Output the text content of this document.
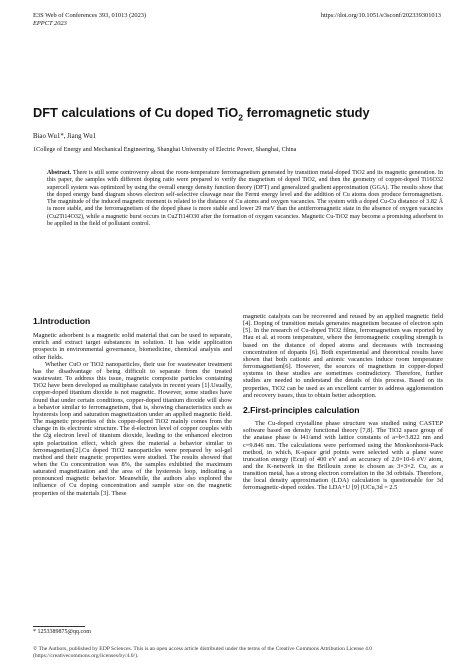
E3S Web of Conferences 393, 01013 (2023)
EPPCT 2023
https://doi.org/10.1051/e3sconf/202339301013
DFT calculations of Cu doped TiO$_2$ ferromagnetic study
Biao Wu1*, Jiang Wu1
1College of Energy and Mechanical Engineering, Shanghai University of Electric Power, Shanghai, China
Abstract. There is still some controversy about the room-temperature ferromagnetism generated by transition metal-doped TiO2 and its magnetic generation. In this paper, the samples with different doping ratio were prepared to verify the magnetism of doped TiO2, and then the geometry of copper-doped Ti16O32 supercell system was optimized by using the overall energy density function theory (DFT) and generalized gradient approximation (GGA). The results show that the doped energy band diagram shows electron self-selective cleavage near the Fermi energy level and the addition of Cu atoms does produce ferromagnetism. The magnitude of the induced magnetic moment is related to the distance of Cu atoms and oxygen vacancies. The system with a doped Cu-Cu distance of 3.82 Å is more stable, and the ferromagnetism of the doped phase is more stable and lower 29 meV than the antiferromagnetic state in the absence of oxygen vacancies (Cu2Ti14O32), while a magnetic burst occurs in Cu2Ti14O30 after the formation of oxygen vacancies. Magnetic Cu-TiO2 may become a promising adsorbent to be applied in the field of pollutant control.
1.Introduction

Magnetic adsorbent is a magnetic solid material that can be used to separate, enrich and extract target substances in solution. It has wide application prospects in environmental governance, biomedicine, chemical analysis and other fields.

Whether CuO or TiO2 nanoparticles, their use for wastewater treatment has the disadvantage of being difficult to separate from the treated wastewater. To address this issue, magnetic composite particles containing TiO2 have been developed as multiphase catalysts in recent years [1].Usually, copper-doped titanium dioxide is not magnetic. However, some studies have found that under certain conditions, copper-doped titanium dioxide will show a behavior similar to ferromagnetism, that is, showing characteristics such as hysteresis loop and saturation magnetization under an applied magnetic field. The magnetic properties of this copper-doped TiO2 mainly comes from the change in its electronic structure. The d-electron level of copper couples with the t2g electron level of titanium dioxide, leading to the enhanced electron spin polarization effect, which gives the material a behavior similar to ferromagnetism[2].Cu doped TiO2 nanoparticles were prepared by sol-gel method and their magnetic properties were studied. The results showed that when the Cu concentration was 8%, the samples exhibited the maximum saturated magnetization and the area of the hysteresis loop, indicating a pronounced magnetic behavior. Meanwhile, the authors also explored the influence of Cu doping concentration and sample size on the magnetic properties of the materials [3]. These

magnetic catalysts can be recovered and reused by an applied magnetic field [4]. Doping of transition metals generates magnetism because of electron spin [5]. In the research of Cu-doped TiO2 films, ferromagnetism was reported by Hau et al. at room temperature, where the ferromagnetic coupling strength is based on the distance of doped atoms and decreases with increasing concentration of dopants [6]. Both experimental and theoretical results have shown that both cationic and anionic vacancies induce room temperature ferromagnetism[6]. However, the sources of magnetism in copper-doped systems in these studies are sometimes contradictory. Therefore, further studies are needed to understand the details of this process. Based on its properties, TiO2 can be used as an excellent carrier to address agglomeration and recovery issues, thus to obtain better adsorption.

2.First-principles calculation

The Cu-doped crystalline phase structure was studied using CASTEP software based on density functional theory [7,8]. The TiO2 space group of the anatase phase is I41/amd with lattice constants of a=b=3.822 nm and c=9.846 nm. The calculations were performed using the Monkonhorst-Pack method, in which, K-space grid points were selected with a plane wave truncation energy (Ecut) of 400 eV and an accuracy of 2.0×10-6 eV/ atom, and the K-network in the Brillouin zone is chosen as 3×3×2. Cu, as a transition metal, has a strong electron correlation in the 3d orbitals. Therefore, the local density approximation (LDA) calculation is questionable for 3d ferromagnetic-doped oxides. The LDA+U [9] (UCu,3d = 2.5

* 1253389875@qq.com
© The Authors, published by EDP Sciences. This is an open access article distributed under the terms of the Creative Commons Attribution License 4.0 (https://creativecommons.org/licenses/by/4.0/).
